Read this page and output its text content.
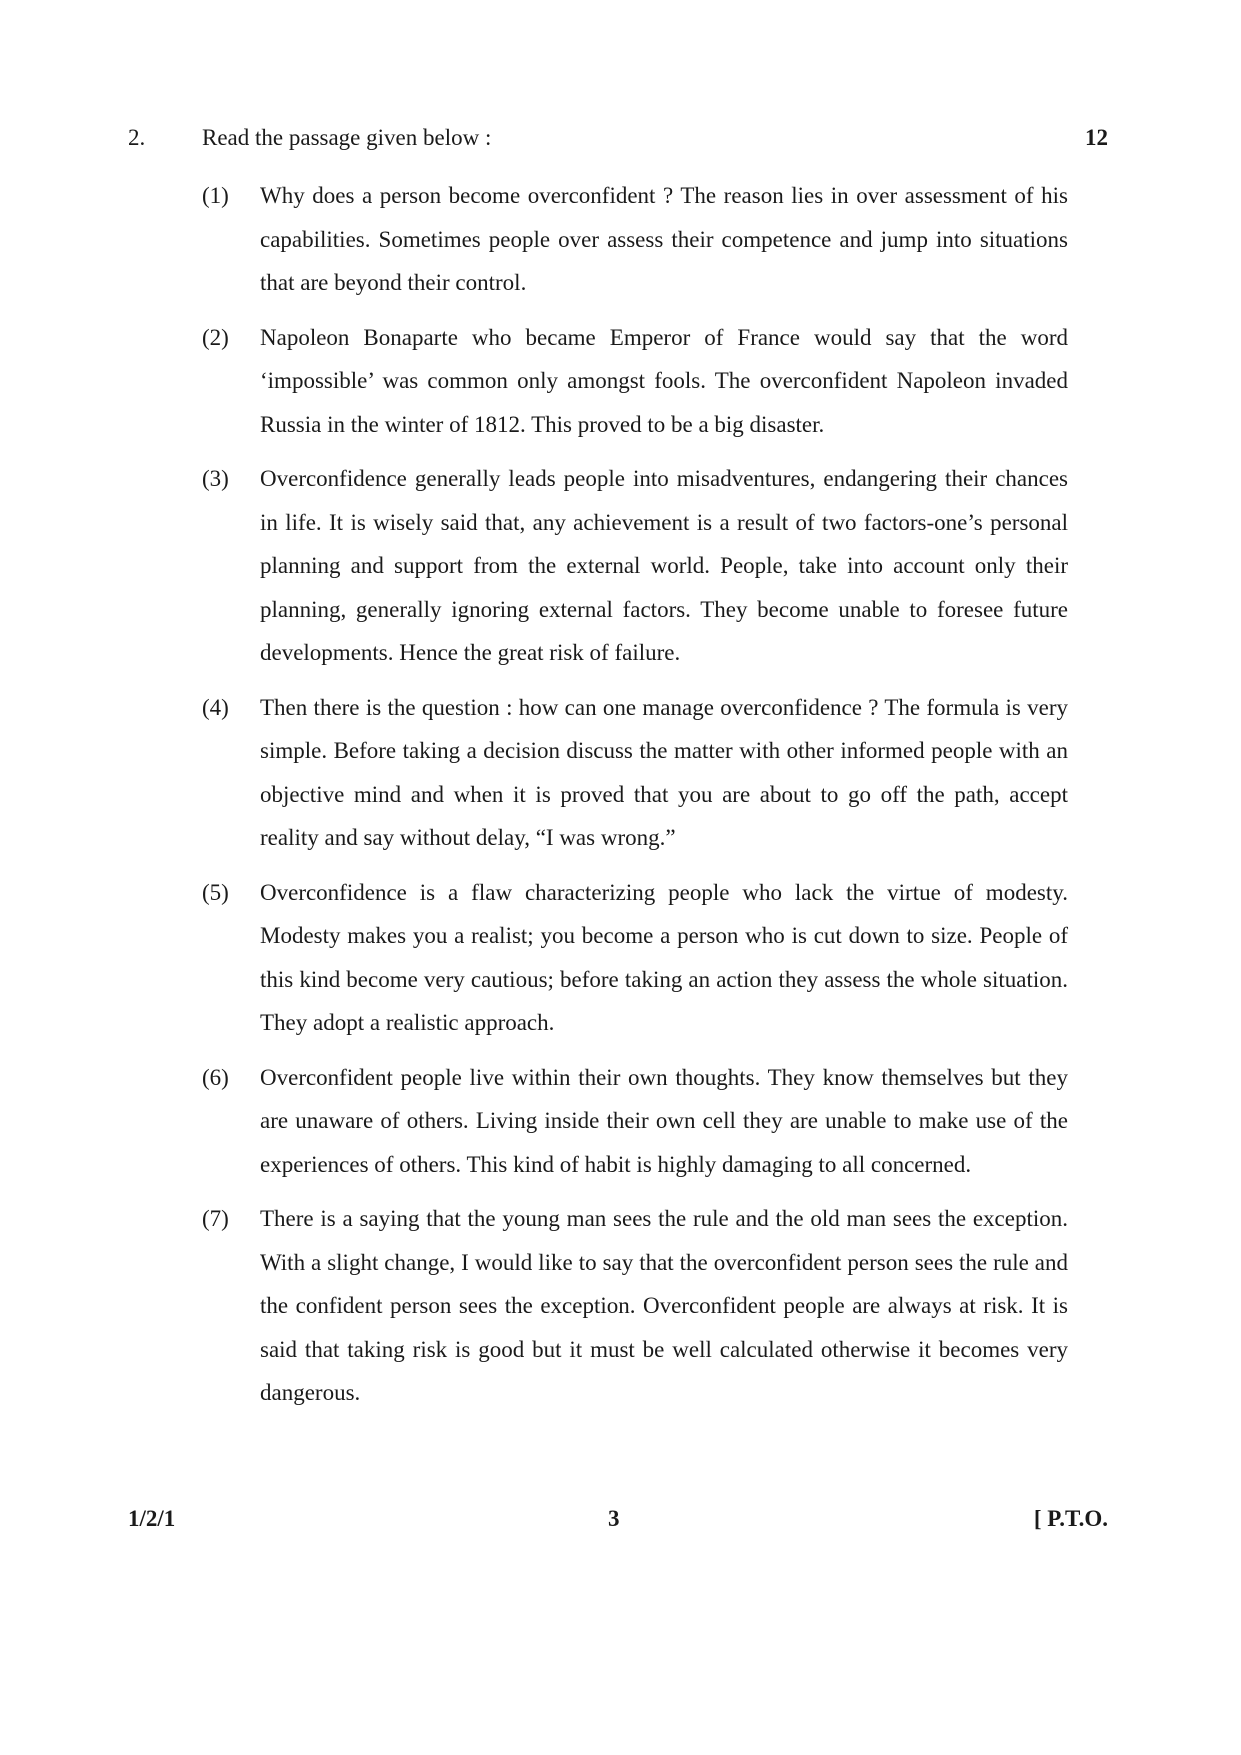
2. Read the passage given below :	12
(1) Why does a person become overconfident ? The reason lies in over assessment of his capabilities. Sometimes people over assess their competence and jump into situations that are beyond their control.
(2) Napoleon Bonaparte who became Emperor of France would say that the word ‘impossible’ was common only amongst fools. The overconfident Napoleon invaded Russia in the winter of 1812. This proved to be a big disaster.
(3) Overconfidence generally leads people into misadventures, endangering their chances in life. It is wisely said that, any achievement is a result of two factors-one’s personal planning and support from the external world. People, take into account only their planning, generally ignoring external factors. They become unable to foresee future developments. Hence the great risk of failure.
(4) Then there is the question : how can one manage overconfidence ? The formula is very simple. Before taking a decision discuss the matter with other informed people with an objective mind and when it is proved that you are about to go off the path, accept reality and say without delay, “I was wrong.”
(5) Overconfidence is a flaw characterizing people who lack the virtue of modesty. Modesty makes you a realist; you become a person who is cut down to size. People of this kind become very cautious; before taking an action they assess the whole situation. They adopt a realistic approach.
(6) Overconfident people live within their own thoughts. They know themselves but they are unaware of others. Living inside their own cell they are unable to make use of the experiences of others. This kind of habit is highly damaging to all concerned.
(7) There is a saying that the young man sees the rule and the old man sees the exception. With a slight change, I would like to say that the overconfident person sees the rule and the confident person sees the exception. Overconfident people are always at risk. It is said that taking risk is good but it must be well calculated otherwise it becomes very dangerous.
1/2/1	3	[ P.T.O.
